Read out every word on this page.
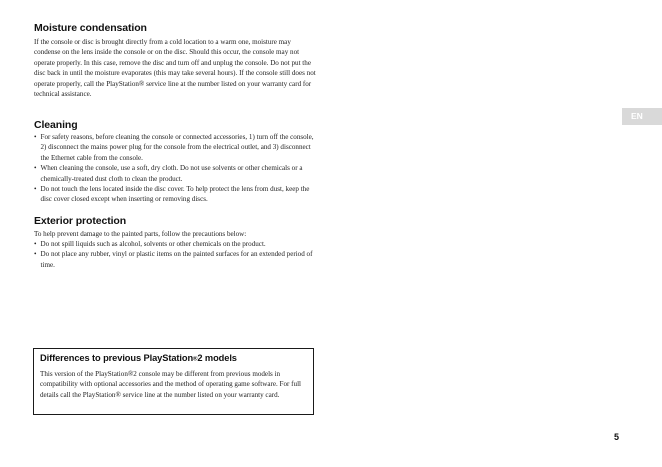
Moisture condensation

If the console or disc is brought directly from a cold location to a warm one, moisture may condense on the lens inside the console or on the disc. Should this occur, the console may not operate properly. In this case, remove the disc and turn off and unplug the console. Do not put the disc back in until the moisture evaporates (this may take several hours). If the console still does not operate properly, call the PlayStation® service line at the number listed on your warranty card for technical assistance.

Cleaning
• For safety reasons, before cleaning the console or connected accessories, 1) turn off the console, 2) disconnect the mains power plug for the console from the electrical outlet, and 3) disconnect the Ethernet cable from the console.
• When cleaning the console, use a soft, dry cloth. Do not use solvents or other chemicals or a chemically-treated dust cloth to clean the product.
• Do not touch the lens located inside the disc cover. To help protect the lens from dust, keep the disc cover closed except when inserting or removing discs.
Exterior protection

To help prevent damage to the painted parts, follow the precautions below:

• Do not spill liquids such as alcohol, solvents or other chemicals on the product.
• Do not place any rubber, vinyl or plastic items on the painted surfaces for an extended period of time.
EN
Differences to previous PlayStation®2 models

This version of the PlayStation®2 console may be different from previous models in compatibility with optional accessories and the method of operating game software. For full details call the PlayStation® service line at the number listed on your warranty card.

5
